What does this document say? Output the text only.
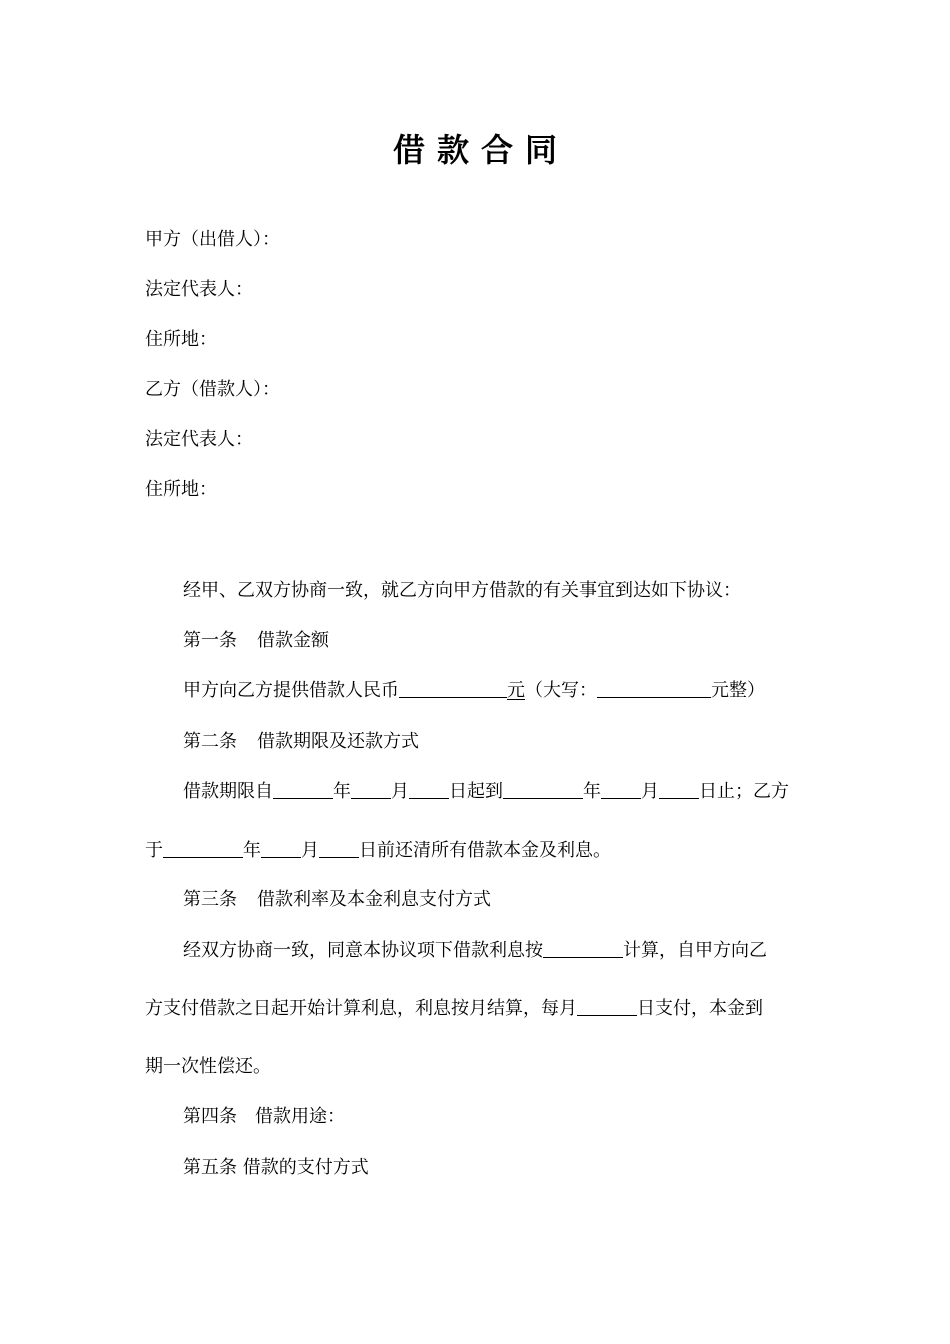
借款合同
甲方（出借人）：
法定代表人：
住所地：
乙方（借款人）：
法定代表人：
住所地：
经甲、乙双方协商一致，就乙方向甲方借款的有关事宜到达如下协议：
第一条 借款金额
甲方向乙方提供借款人民币	元（大写：	元整）
第二条 借款期限及还款方式
借款期限自	年 月 日起到	年 月 日止；乙方
于	年 月 日前还清所有借款本金及利息。
第三条 借款利率及本金利息支付方式
经双方协商一致，同意本协议项下借款利息按	计算，自甲方向乙
方支付借款之日起开始计算利息，利息按月结算，每月	日支付，本金到
期一次性偿还。
第四条　借款用途：
第五条 借款的支付方式
